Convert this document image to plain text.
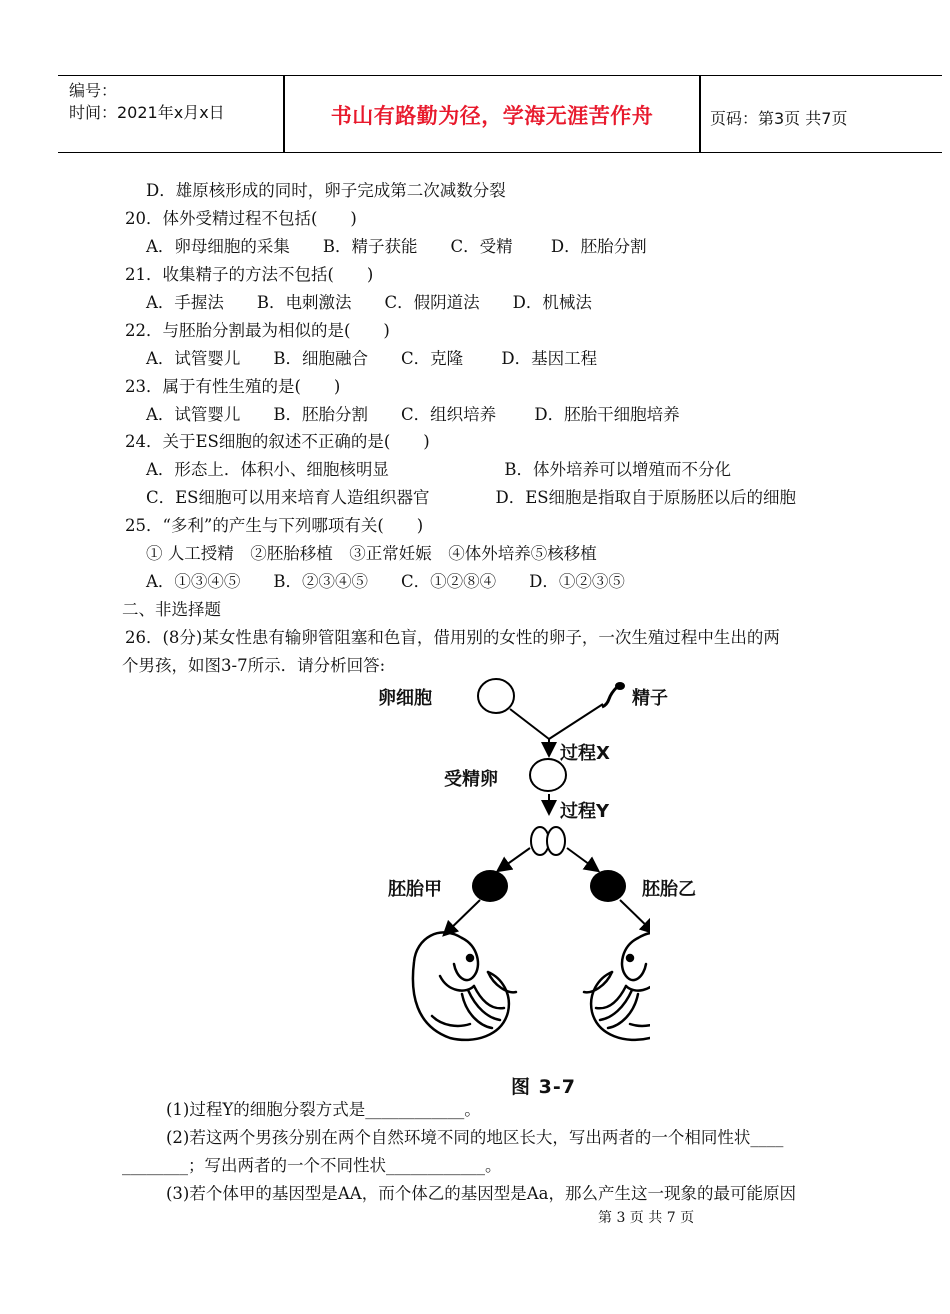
编号：
时间：2021年x月x日	书山有路勤为径，学海无涯苦作舟	页码：第3页 共7页
D．雄原核形成的同时，卵子完成第二次减数分裂
20．体外受精过程不包括(　　)
A．卵母细胞的采集　　B．精子获能　　C．受精　　 D．胚胎分割
21．收集精子的方法不包括(　　)
A．手握法　　B．电刺激法　　C．假阴道法　　D．机械法
22．与胚胎分割最为相似的是(　　)
A．试管婴儿　　B．细胞融合　　C．克隆　　 D．基因工程
23．属于有性生殖的是(　　)
A．试管婴儿　　B．胚胎分割　　C．组织培养　　 D．胚胎干细胞培养
24．关于ES细胞的叙述不正确的是(　　)
A．形态上．体积小、细胞核明显　　　　　　　B．体外培养可以增殖而不分化
C．ES细胞可以用来培育人造组织器官　　　　D．ES细胞是指取自于原肠胚以后的细胞
25．“多利”的产生与下列哪项有关(　　)
① 人工授精　②胚胎移植　③正常妊娠　④体外培养⑤核移植
A．①③④⑤　　B．②③④⑤　　C．①②⑧④　　D．①②③⑤
二、非选择题
26．(8分)某女性患有输卵管阻塞和色盲，借用别的女性的卵子，一次生殖过程中生出的两
个男孩，如图3-7所示．请分析回答:
卵细胞	精子
过程X
受精卵
过程Y
胚胎甲	胚胎乙
图 3-7
(1)过程Y的细胞分裂方式是____________。
(2)若这两个男孩分别在两个自然环境不同的地区长大，写出两者的一个相同性状____
________；写出两者的一个不同性状____________。
(3)若个体甲的基因型是AA，而个体乙的基因型是Aa，那么产生这一现象的最可能原因
第 3 页 共 7 页
